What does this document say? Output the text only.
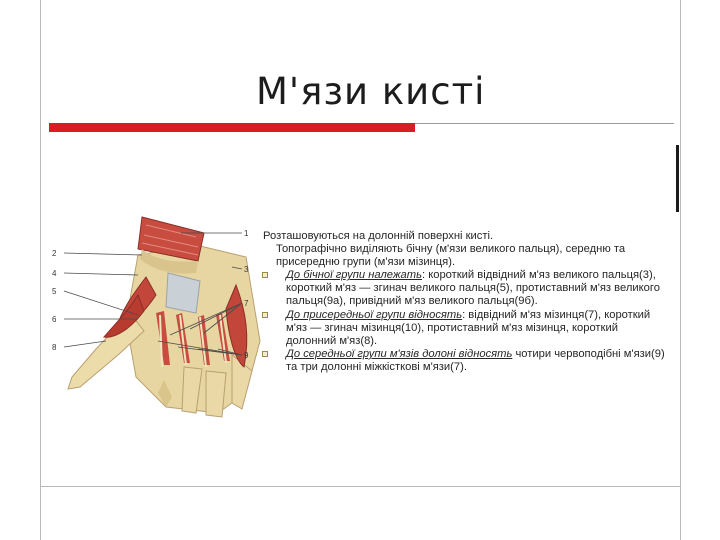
М'язи кисті
1
2
3
4
5
6
7
8
9

Розташовуються на долонній поверхні кисті.

Топографічно виділяють бічну (м'язи великого пальця), середню та присередню групи (м'язи мізинця).

До бічної групи належать: короткий відвідний м'яз великого пальця(3), короткий м'яз — згинач великого пальця(5), протиставний м'яз великого пальця(9а), привідний м'яз великого пальця(9б).
До присередньої групи відносять: відвідний м'яз мізинця(7), короткий м'яз — згинач мізинця(10), протиставний м'яз мізинця, короткий долонний м'яз(8).
До середньої групи м'язів долоні відносять чотири червоподібні м'язи(9) та три долонні міжкісткові м'язи(7).
